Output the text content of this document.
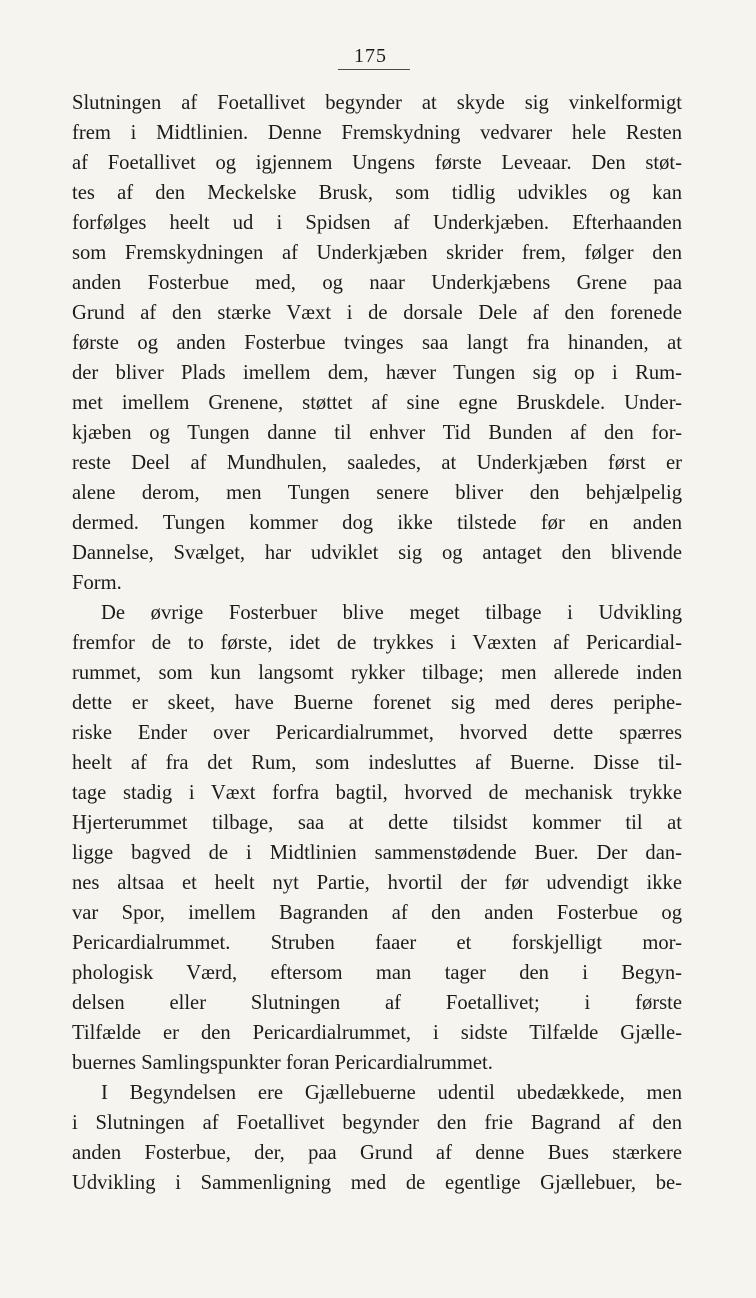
175
Slutningen af Foetallivet begynder at skyde sig vinkelformigt
frem i Midtlinien. Denne Fremskydning vedvarer hele Resten
af Foetallivet og igjennem Ungens første Leveaar. Den støt-
tes af den Meckelske Brusk, som tidlig udvikles og kan
forfølges heelt ud i Spidsen af Underkjæben. Efterhaanden
som Fremskydningen af Underkjæben skrider frem, følger den
anden Fosterbue med, og naar Underkjæbens Grene paa
Grund af den stærke Væxt i de dorsale Dele af den forenede
første og anden Fosterbue tvinges saa langt fra hinanden, at
der bliver Plads imellem dem, hæver Tungen sig op i Rum-
met imellem Grenene, støttet af sine egne Bruskdele. Under-
kjæben og Tungen danne til enhver Tid Bunden af den for-
reste Deel af Mundhulen, saaledes, at Underkjæben først er
alene derom, men Tungen senere bliver den behjælpelig
dermed. Tungen kommer dog ikke tilstede før en anden
Dannelse, Svælget, har udviklet sig og antaget den blivende
Form.
De øvrige Fosterbuer blive meget tilbage i Udvikling
fremfor de to første, idet de trykkes i Væxten af Pericardial-
rummet, som kun langsomt rykker tilbage; men allerede inden
dette er skeet, have Buerne forenet sig med deres periphe-
riske Ender over Pericardialrummet, hvorved dette spærres
heelt af fra det Rum, som indesluttes af Buerne. Disse til-
tage stadig i Væxt forfra bagtil, hvorved de mechanisk trykke
Hjerterummet tilbage, saa at dette tilsidst kommer til at
ligge bagved de i Midtlinien sammenstødende Buer. Der dan-
nes altsaa et heelt nyt Partie, hvortil der før udvendigt ikke
var Spor, imellem Bagranden af den anden Fosterbue og
Pericardialrummet. Struben faaer et forskjelligt mor-
phologisk Værd, eftersom man tager den i Begyn-
delsen eller Slutningen af Foetallivet; i første
Tilfælde er den Pericardialrummet, i sidste Tilfælde Gjælle-
buernes Samlingspunkter foran Pericardialrummet.
I Begyndelsen ere Gjællebuerne udentil ubedækkede, men
i Slutningen af Foetallivet begynder den frie Bagrand af den
anden Fosterbue, der, paa Grund af denne Bues stærkere
Udvikling i Sammenligning med de egentlige Gjællebuer, be-
